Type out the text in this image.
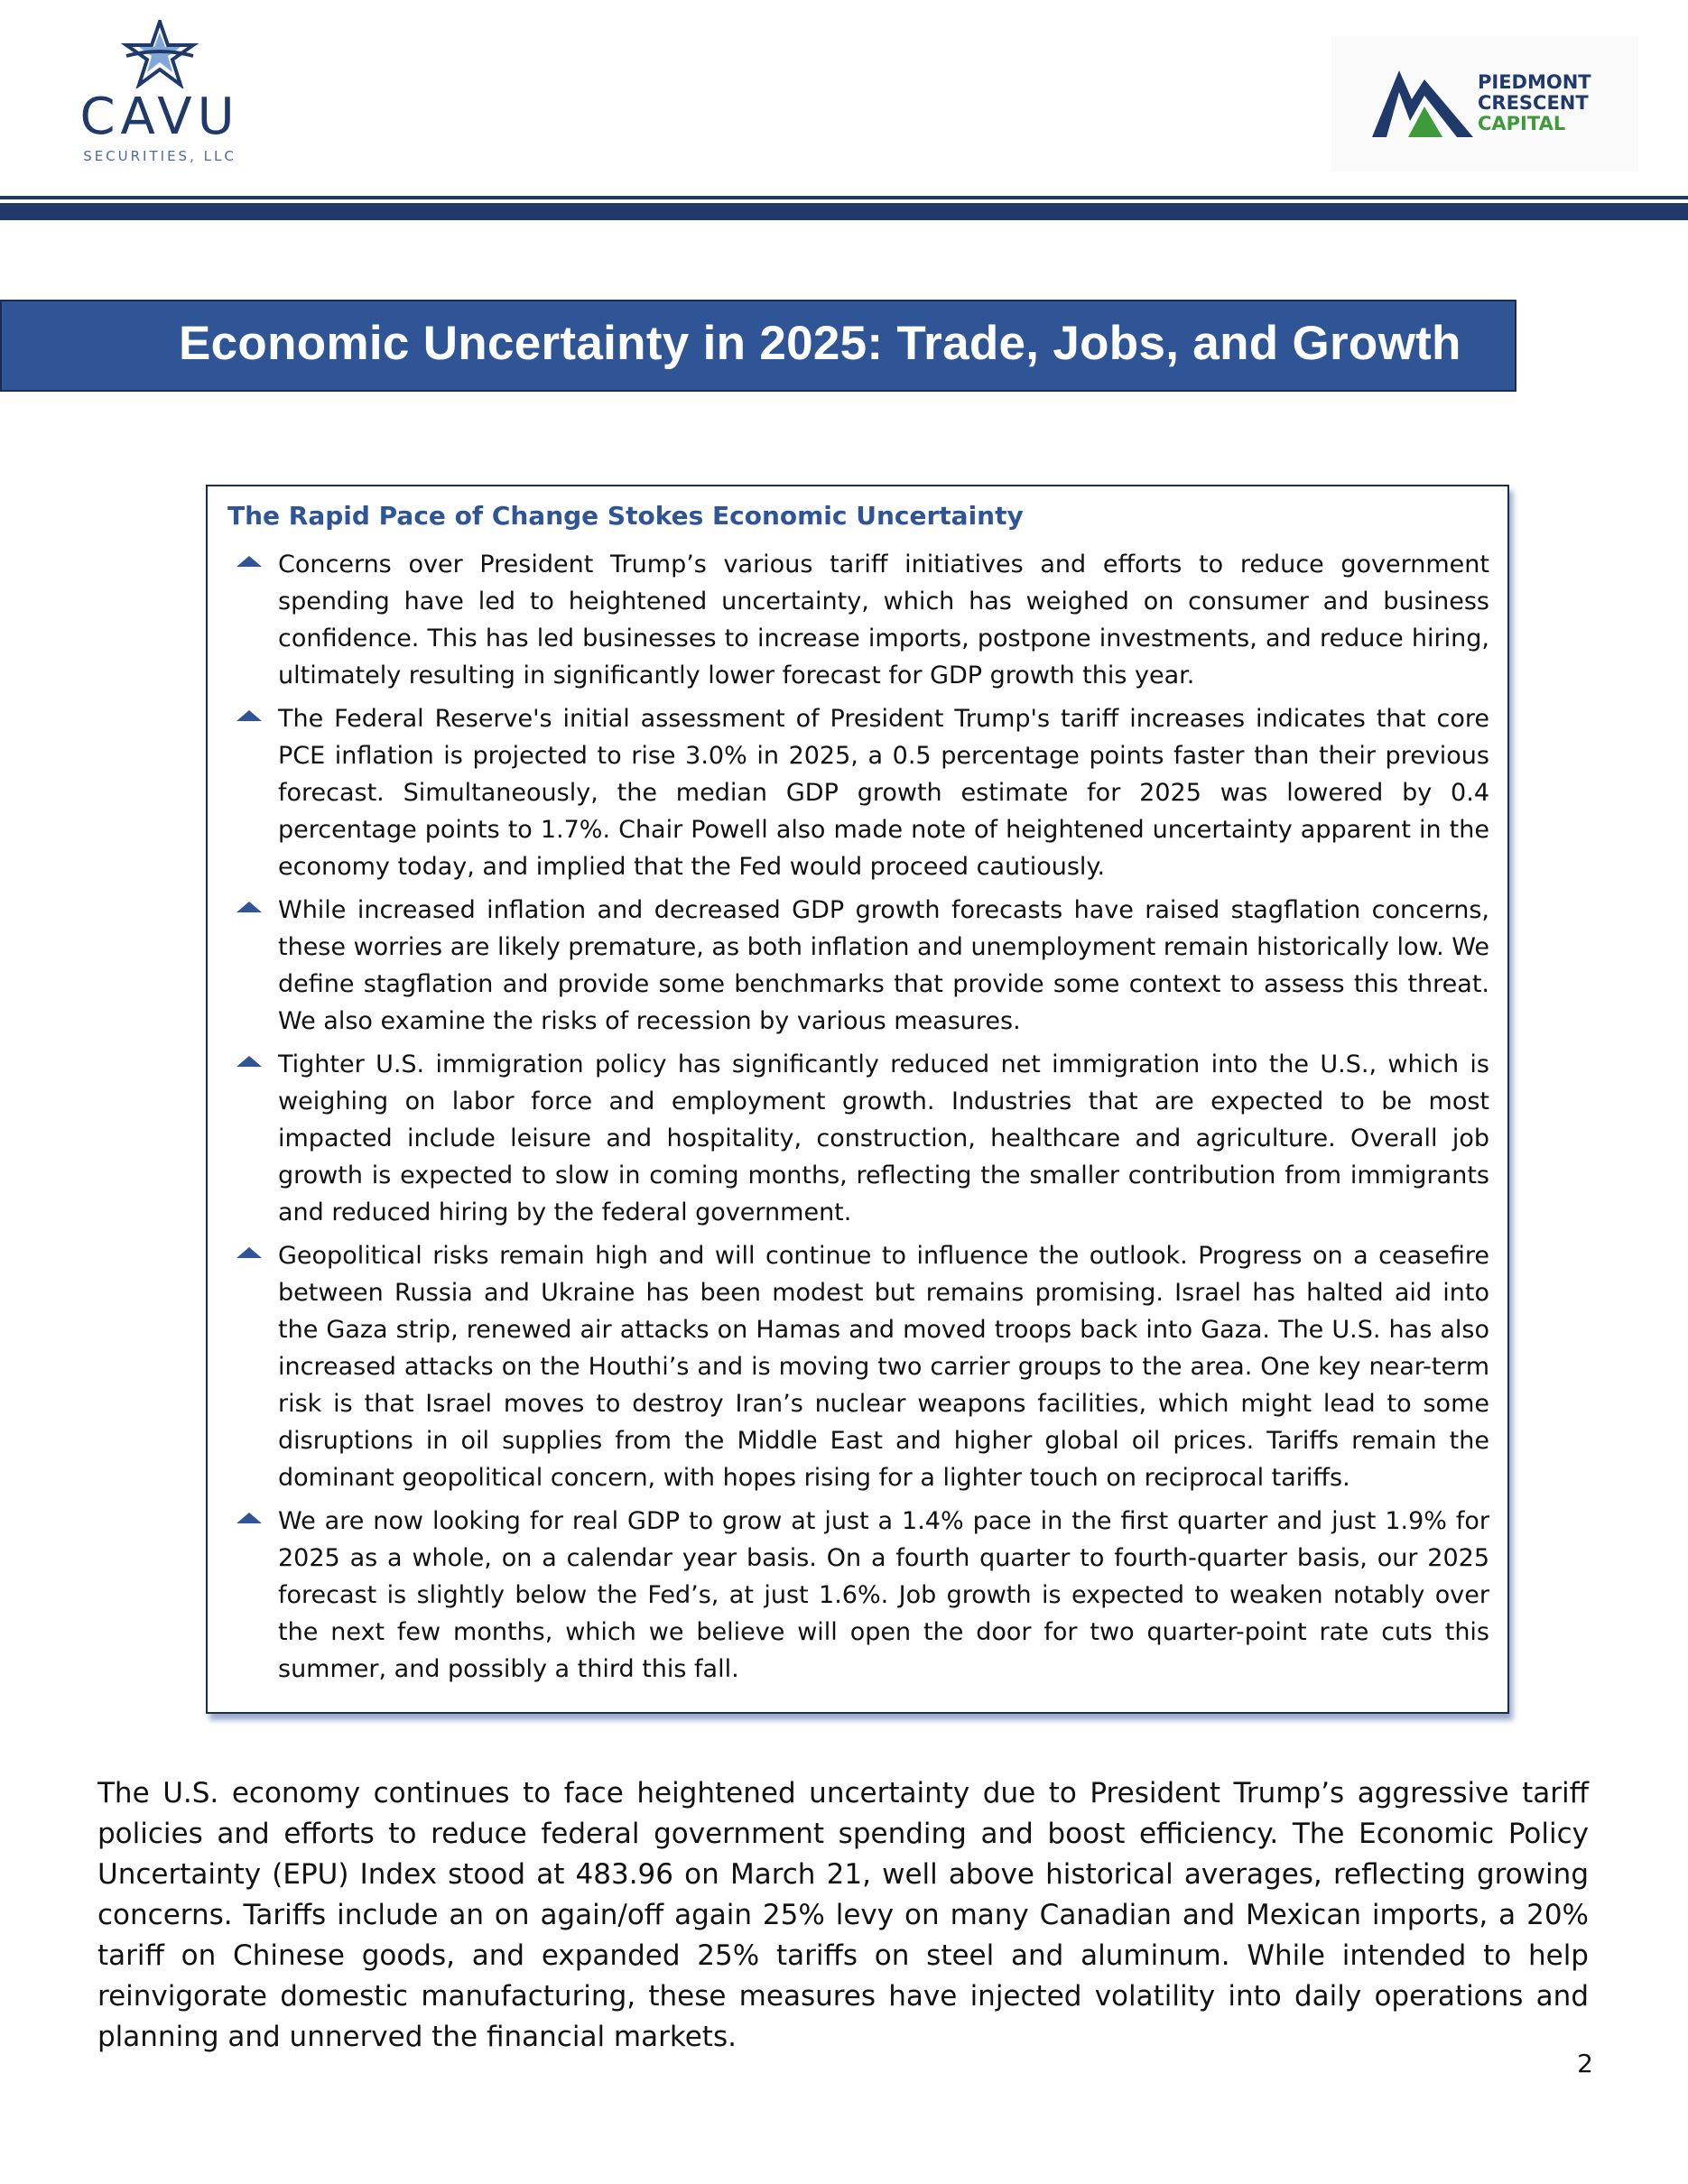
CAVU
SECURITIES, LLC
PIEDMONT
CRESCENT
CAPITAL
Economic Uncertainty in 2025: Trade, Jobs, and Growth
The Rapid Pace of Change Stokes Economic Uncertainty
Concerns over President Trump’s various tariff initiatives and efforts to reduce government spending have led to heightened uncertainty, which has weighed on consumer and business confidence. This has led businesses to increase imports, postpone investments, and reduce hiring, ultimately resulting in significantly lower forecast for GDP growth this year.
The Federal Reserve's initial assessment of President Trump's tariff increases indicates that core PCE inflation is projected to rise 3.0% in 2025, a 0.5 percentage points faster than their previous forecast. Simultaneously, the median GDP growth estimate for 2025 was lowered by 0.4 percentage points to 1.7%. Chair Powell also made note of heightened uncertainty apparent in the economy today, and implied that the Fed would proceed cautiously.
While increased inflation and decreased GDP growth forecasts have raised stagflation concerns, these worries are likely premature, as both inflation and unemployment remain historically low. We define stagflation and provide some benchmarks that provide some context to assess this threat. We also examine the risks of recession by various measures.
Tighter U.S. immigration policy has significantly reduced net immigration into the U.S., which is weighing on labor force and employment growth. Industries that are expected to be most impacted include leisure and hospitality, construction, healthcare and agriculture. Overall job growth is expected to slow in coming months, reflecting the smaller contribution from immigrants and reduced hiring by the federal government.
Geopolitical risks remain high and will continue to influence the outlook. Progress on a ceasefire between Russia and Ukraine has been modest but remains promising. Israel has halted aid into the Gaza strip, renewed air attacks on Hamas and moved troops back into Gaza. The U.S. has also increased attacks on the Houthi’s and is moving two carrier groups to the area. One key near-term risk is that Israel moves to destroy Iran’s nuclear weapons facilities, which might lead to some disruptions in oil supplies from the Middle East and higher global oil prices. Tariffs remain the dominant geopolitical concern, with hopes rising for a lighter touch on reciprocal tariffs.
We are now looking for real GDP to grow at just a 1.4% pace in the first quarter and just 1.9% for 2025 as a whole, on a calendar year basis. On a fourth quarter to fourth-quarter basis, our 2025 forecast is slightly below the Fed’s, at just 1.6%. Job growth is expected to weaken notably over the next few months, which we believe will open the door for two quarter-point rate cuts this summer, and possibly a third this fall.

The U.S. economy continues to face heightened uncertainty due to President Trump’s aggressive tariff policies and efforts to reduce federal government spending and boost efficiency. The Economic Policy Uncertainty (EPU) Index stood at 483.96 on March 21, well above historical averages, reflecting growing concerns. Tariffs include an on again/off again 25% levy on many Canadian and Mexican imports, a 20% tariff on Chinese goods, and expanded 25% tariffs on steel and aluminum. While intended to help reinvigorate domestic manufacturing, these measures have injected volatility into daily operations and planning and unnerved the financial markets.

2
